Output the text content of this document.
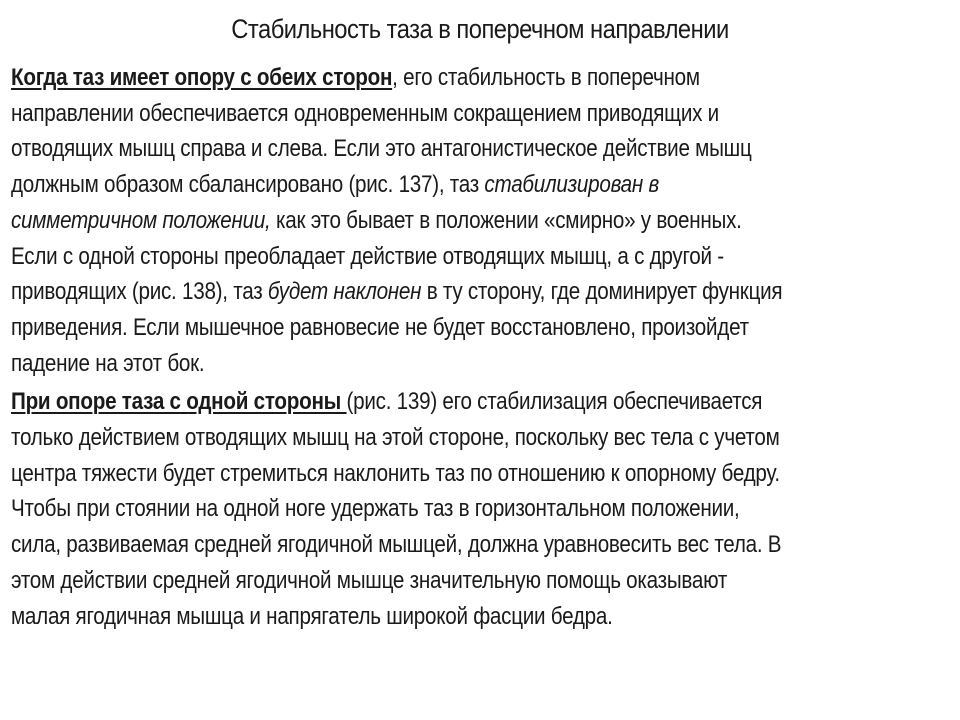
Стабильность таза в поперечном направлении

Когда таз имеет опору с обеих сторон, его стабильность в поперечном
направлении обеспечивается одновременным сокращением приводящих и
отводящих мышц справа и слева. Если это антагонистическое действие мышц
должным образом сбалансировано (рис. 137), таз стабилизирован в
симметричном положении, как это бывает в положении «смирно» у военных.
Если с одной стороны преобладает действие отводящих мышц, а с другой -
приводящих (рис. 138), таз будет наклонен в ту сторону, где доминирует функция
приведения. Если мышечное равновесие не будет восстановлено, произойдет
падение на этот бок.

При опоре таза с одной стороны (рис. 139) его стабилизация обеспечивается
только действием отводящих мышц на этой стороне, поскольку вес тела с учетом
центра тяжести будет стремиться наклонить таз по отношению к опорному бедру.
Чтобы при стоянии на одной ноге удержать таз в горизонтальном положении,
сила, развиваемая средней ягодичной мышцей, должна уравновесить вес тела. В
этом действии средней ягодичной мышце значительную помощь оказывают
малая ягодичная мышца и напрягатель широкой фасции бедра.
